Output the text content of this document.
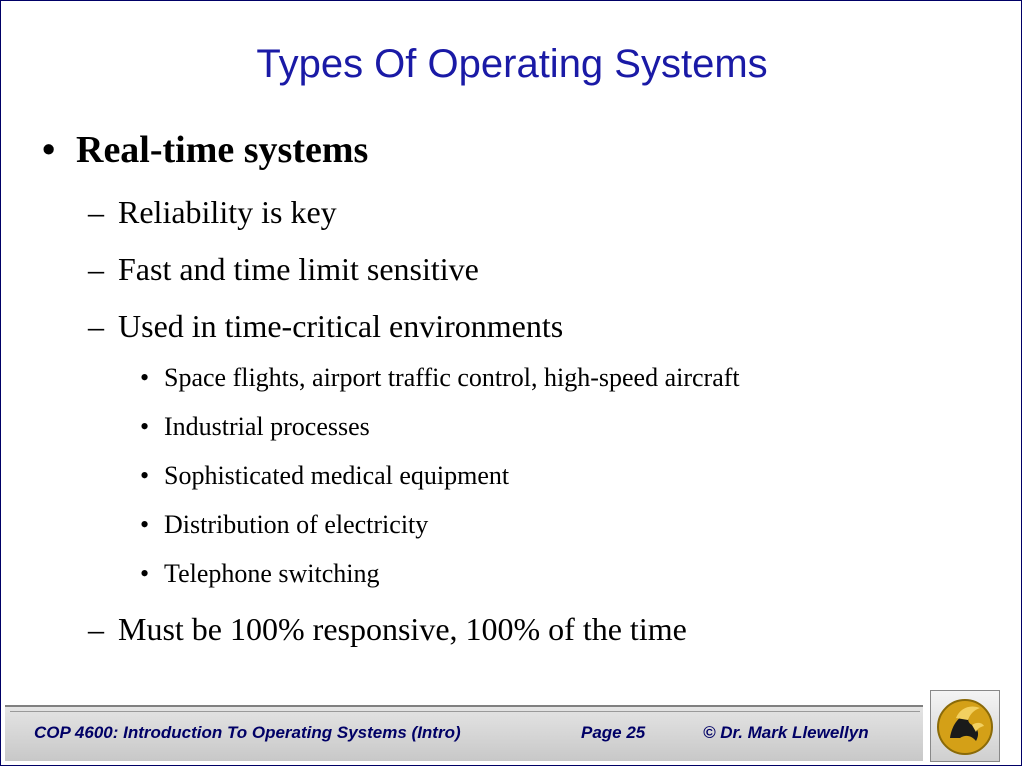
Types Of Operating Systems
• Real-time systems
– Reliability is key
– Fast and time limit sensitive
– Used in time-critical environments
• Space flights, airport traffic control, high-speed aircraft
• Industrial processes
• Sophisticated medical equipment
• Distribution of electricity
• Telephone switching
– Must be 100% responsive, 100% of the time
COP 4600: Introduction To Operating Systems (Intro)	Page 25	© Dr. Mark Llewellyn
